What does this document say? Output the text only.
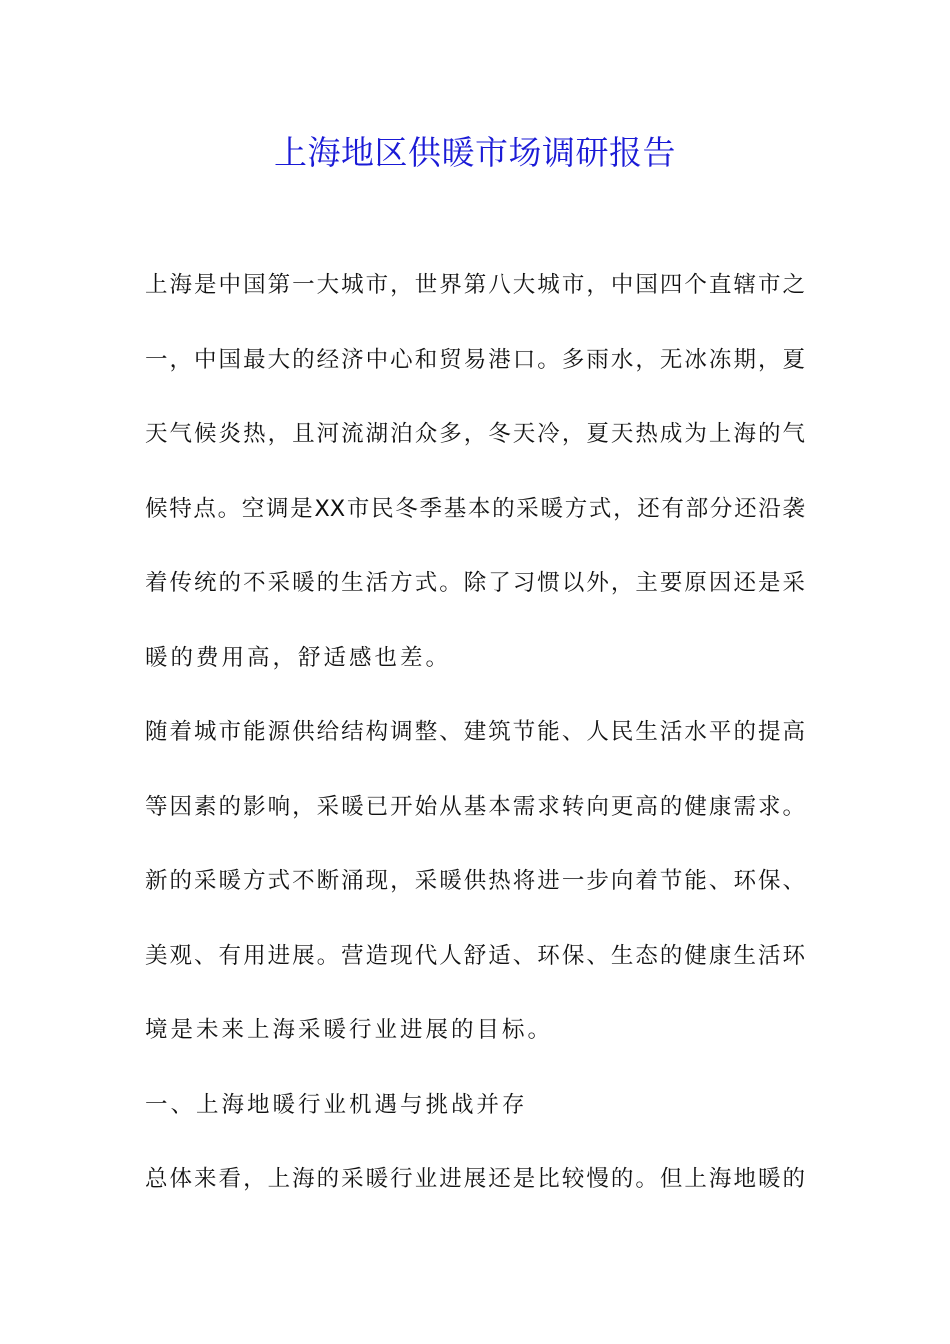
上海地区供暖市场调研报告
上海是中国第一大城市，世界第八大城市，中国四个直辖市之
一，中国最大的经济中心和贸易港口。多雨水，无冰冻期，夏
天气候炎热，且河流湖泊众多，冬天冷，夏天热成为上海的气
候特点。空调是XX市民冬季基本的采暖方式，还有部分还沿袭
着传统的不采暖的生活方式。除了习惯以外，主要原因还是采
暖的费用高，舒适感也差。
随着城市能源供给结构调整、建筑节能、人民生活水平的提高
等因素的影响，采暖已开始从基本需求转向更高的健康需求。
新的采暖方式不断涌现，采暖供热将进一步向着节能、环保、
美观、有用进展。营造现代人舒适、环保、生态的健康生活环
境是未来上海采暖行业进展的目标。
一、上海地暖行业机遇与挑战并存
总体来看，上海的采暖行业进展还是比较慢的。但上海地暖的
